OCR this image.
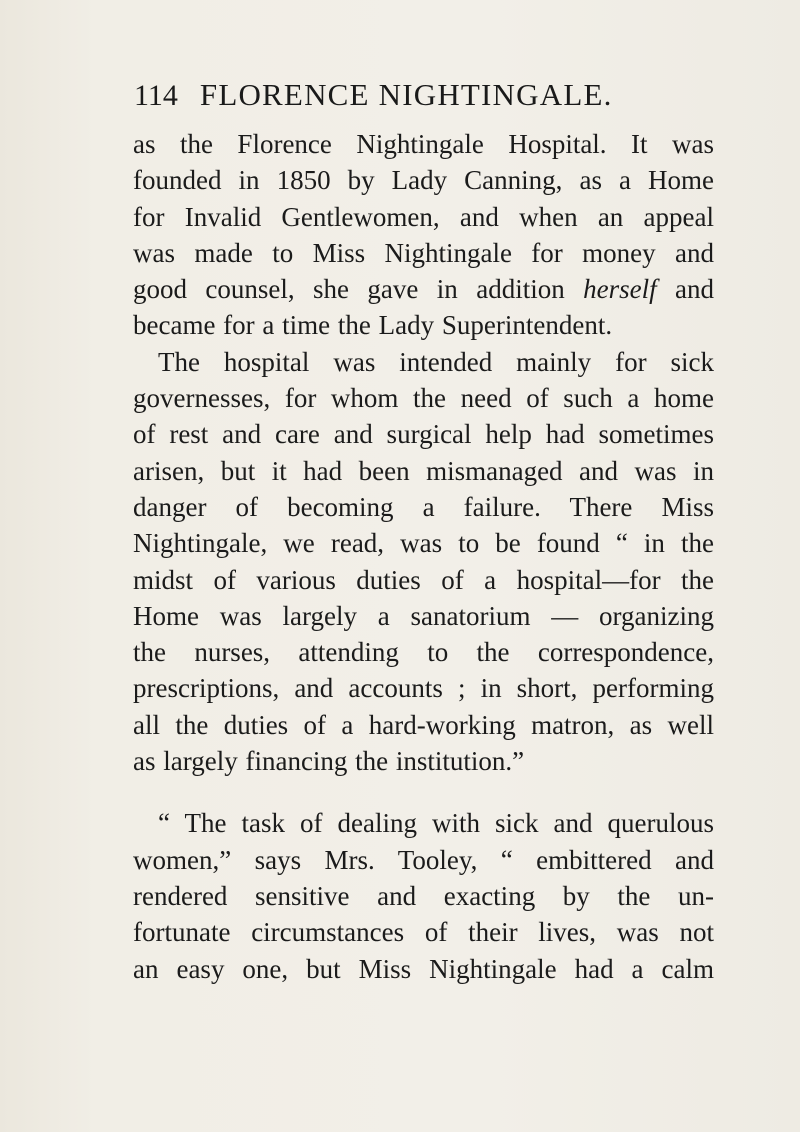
114 FLORENCE NIGHTINGALE.
as the Florence Nightingale Hospital. It was
founded in 1850 by Lady Canning, as a Home
for Invalid Gentlewomen, and when an appeal
was made to Miss Nightingale for money and
good counsel, she gave in addition herself and
became for a time the Lady Superintendent.
The hospital was intended mainly for sick
governesses, for whom the need of such a home
of rest and care and surgical help had sometimes
arisen, but it had been mismanaged and was in
danger of becoming a failure. There Miss
Nightingale, we read, was to be found “ in the
midst of various duties of a hospital—for the
Home was largely a sanatorium — organizing
the nurses, attending to the correspondence,
prescriptions, and accounts ; in short, performing
all the duties of a hard-working matron, as well
as largely financing the institution.”
“ The task of dealing with sick and querulous
women,” says Mrs. Tooley, “ embittered and
rendered sensitive and exacting by the un-
fortunate circumstances of their lives, was not
an easy one, but Miss Nightingale had a calm
